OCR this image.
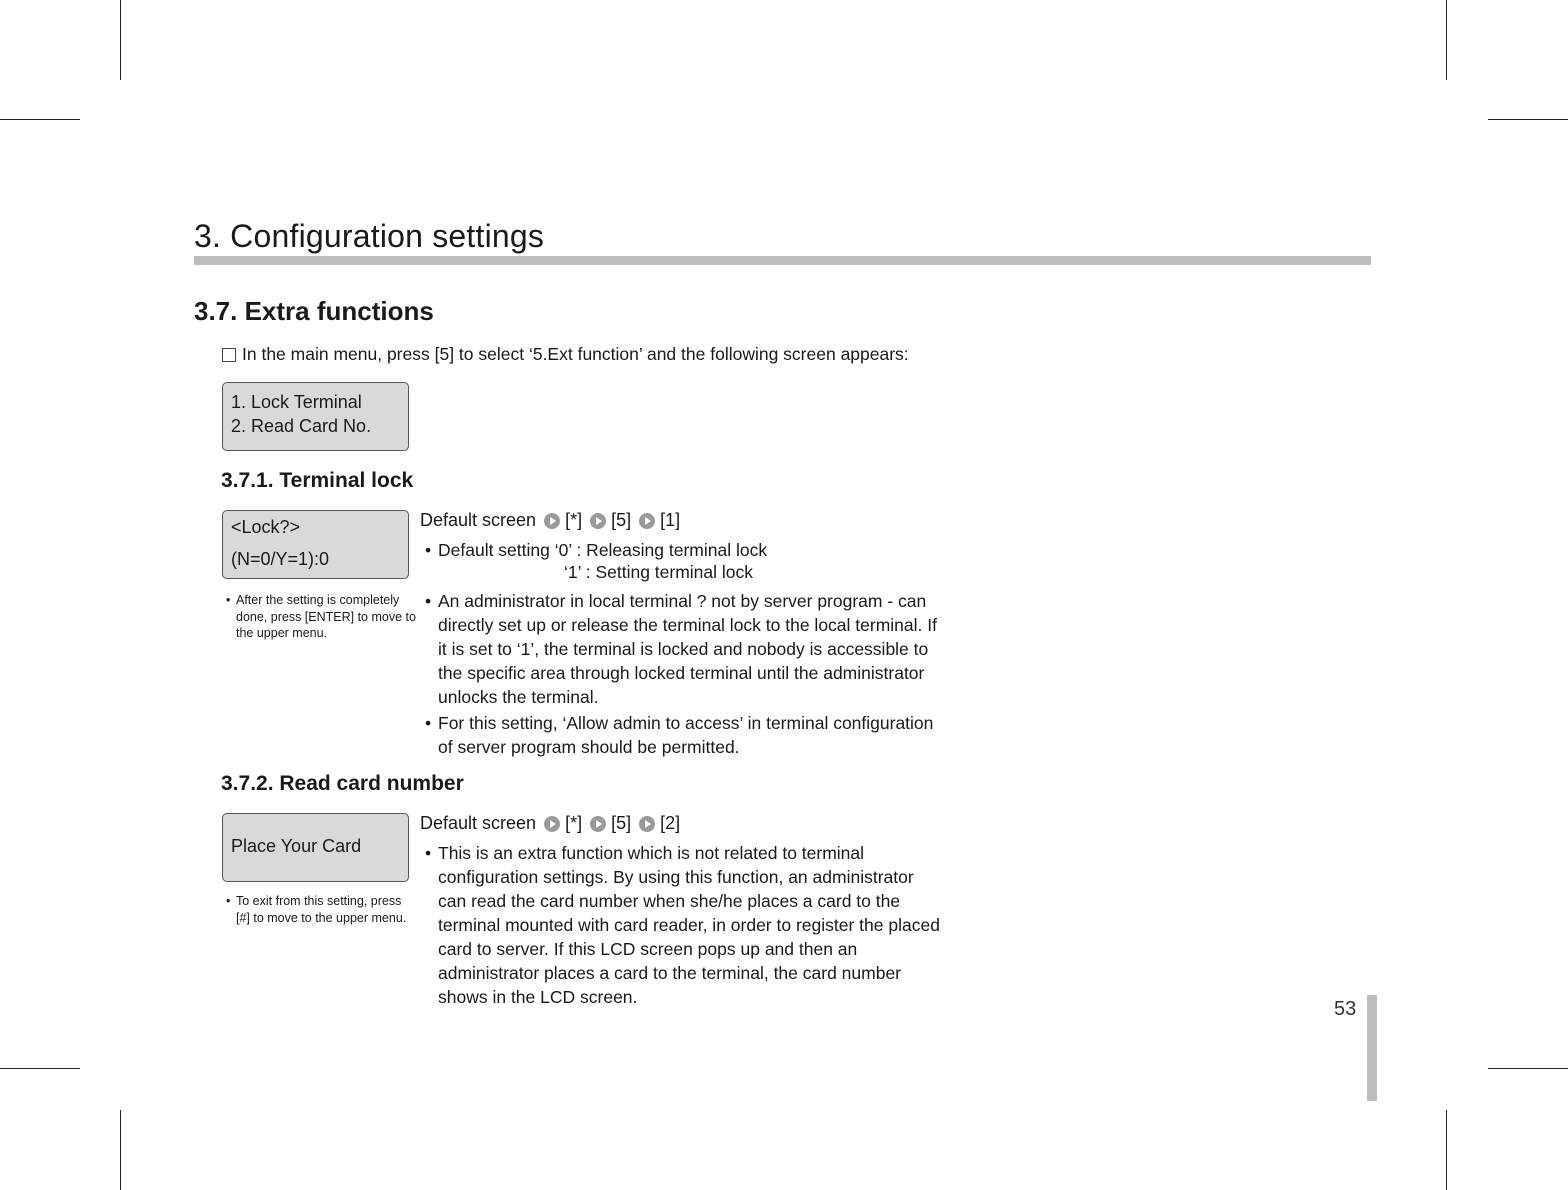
3. Configuration settings
3.7. Extra functions
In the main menu, press [5] to select ‘5.Ext function’ and the following screen appears:
1. Lock Terminal
2. Read Card No.
3.7.1. Terminal lock
<Lock?>
(N=0/Y=1):0
• After the setting is completely done, press [ENTER] to move to the upper menu.
Default screen [*] [5] [1]
• Default setting ‘0’ : Releasing terminal lock
‘1’ : Setting terminal lock
• An administrator in local terminal ? not by server program - can directly set up or release the terminal lock to the local terminal. If it is set to ‘1’, the terminal is locked and nobody is accessible to the specific area through locked terminal until the administrator unlocks the terminal.
• For this setting, ‘Allow admin to access’ in terminal configuration of server program should be permitted.
3.7.2. Read card number
Place Your Card
• To exit from this setting, press [#] to move to the upper menu.
Default screen [*] [5] [2]
• This is an extra function which is not related to terminal configuration settings. By using this function, an administrator can read the card number when she/he places a card to the terminal mounted with card reader, in order to register the placed card to server. If this LCD screen pops up and then an administrator places a card to the terminal, the card number shows in the LCD screen.
53
